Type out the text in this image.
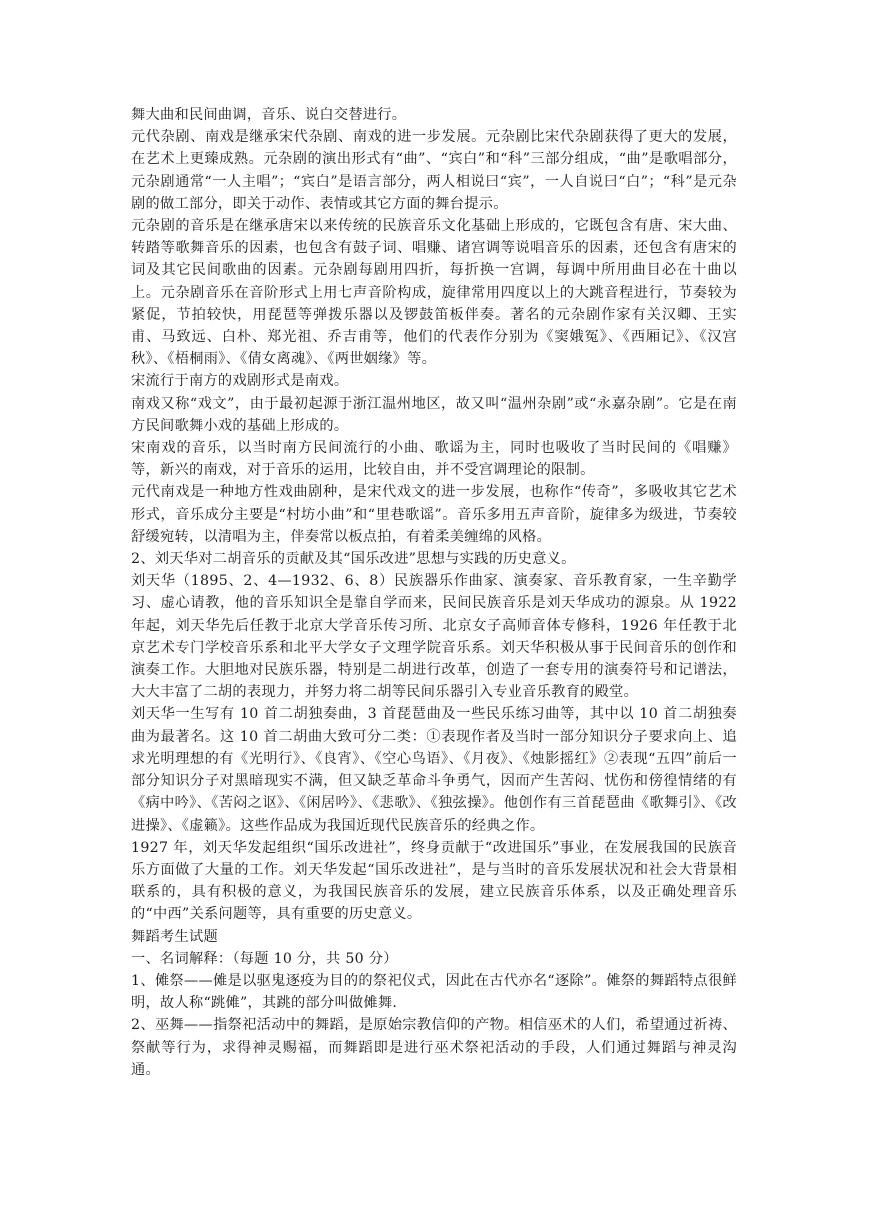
舞大曲和民间曲调，音乐、说白交替进行。

元代杂剧、南戏是继承宋代杂剧、南戏的进一步发展。元杂剧比宋代杂剧获得了更大的发展，在艺术上更臻成熟。元杂剧的演出形式有“曲”、“宾白”和“科”三部分组成，“曲”是歌唱部分，元杂剧通常“一人主唱”；“宾白”是语言部分，两人相说曰“宾”，一人自说曰“白”；“科”是元杂剧的做工部分，即关于动作、表情或其它方面的舞台提示。

元杂剧的音乐是在继承唐宋以来传统的民族音乐文化基础上形成的，它既包含有唐、宋大曲、转踏等歌舞音乐的因素，也包含有鼓子词、唱赚、诸宫调等说唱音乐的因素，还包含有唐宋的词及其它民间歌曲的因素。元杂剧每剧用四折，每折换一宫调，每调中所用曲目必在十曲以上。元杂剧音乐在音阶形式上用七声音阶构成，旋律常用四度以上的大跳音程进行，节奏较为紧促，节拍较快，用琵琶等弹拨乐器以及锣鼓笛板伴奏。著名的元杂剧作家有关汉卿、王实甫、马致远、白朴、郑光祖、乔吉甫等，他们的代表作分别为《窦娥冤》、《西厢记》、《汉宫秋》、《梧桐雨》、《倩女离魂》、《两世姻缘》等。

宋流行于南方的戏剧形式是南戏。

南戏又称“戏文”，由于最初起源于浙江温州地区，故又叫“温州杂剧”或“永嘉杂剧”。它是在南方民间歌舞小戏的基础上形成的。

宋南戏的音乐，以当时南方民间流行的小曲、歌谣为主，同时也吸收了当时民间的《唱赚》等，新兴的南戏，对于音乐的运用，比较自由，并不受宫调理论的限制。

元代南戏是一种地方性戏曲剧种，是宋代戏文的进一步发展，也称作“传奇”，多吸收其它艺术形式，音乐成分主要是“村坊小曲”和“里巷歌谣”。音乐多用五声音阶，旋律多为级进，节奏较舒缓宛转，以清唱为主，伴奏常以板点拍，有着柔美缠绵的风格。

2、刘天华对二胡音乐的贡献及其“国乐改进”思想与实践的历史意义。

刘天华（1895、2、4—1932、6、8）民族器乐作曲家、演奏家、音乐教育家，一生辛勤学习、虚心请教，他的音乐知识全是靠自学而来，民间民族音乐是刘天华成功的源泉。从 1922 年起，刘天华先后任教于北京大学音乐传习所、北京女子高师音体专修科，1926 年任教于北京艺术专门学校音乐系和北平大学女子文理学院音乐系。刘天华积极从事于民间音乐的创作和演奏工作。大胆地对民族乐器，特别是二胡进行改革，创造了一套专用的演奏符号和记谱法，大大丰富了二胡的表现力，并努力将二胡等民间乐器引入专业音乐教育的殿堂。

刘天华一生写有 10 首二胡独奏曲，3 首琵琶曲及一些民乐练习曲等，其中以 10 首二胡独奏曲为最著名。这 10 首二胡曲大致可分二类：①表现作者及当时一部分知识分子要求向上、追求光明理想的有《光明行》、《良宵》、《空心鸟语》、《月夜》、《烛影摇红》②表现“五四”前后一部分知识分子对黑暗现实不满，但又缺乏革命斗争勇气，因而产生苦闷、忧伤和傍徨情绪的有《病中吟》、《苦闷之讴》、《闲居吟》、《悲歌》、《独弦操》。他创作有三首琵琶曲《歌舞引》、《改进操》、《虚籁》。这些作品成为我国近现代民族音乐的经典之作。

1927 年，刘天华发起组织“国乐改进社”，终身贡献于“改进国乐”事业，在发展我国的民族音乐方面做了大量的工作。刘天华发起“国乐改进社”，是与当时的音乐发展状况和社会大背景相联系的，具有积极的意义，为我国民族音乐的发展，建立民族音乐体系，以及正确处理音乐的“中西”关系问题等，具有重要的历史意义。

舞蹈考生试题

一、名词解释：（每题 10 分，共 50 分）

1、傩祭——傩是以驱鬼逐疫为目的的祭祀仪式，因此在古代亦名“逐除”。傩祭的舞蹈特点很鲜明，故人称“跳傩”，其跳的部分叫做傩舞.

2、巫舞——指祭祀活动中的舞蹈，是原始宗教信仰的产物。相信巫术的人们，希望通过祈祷、祭献等行为，求得神灵赐福，而舞蹈即是进行巫术祭祀活动的手段，人们通过舞蹈与神灵沟通。
